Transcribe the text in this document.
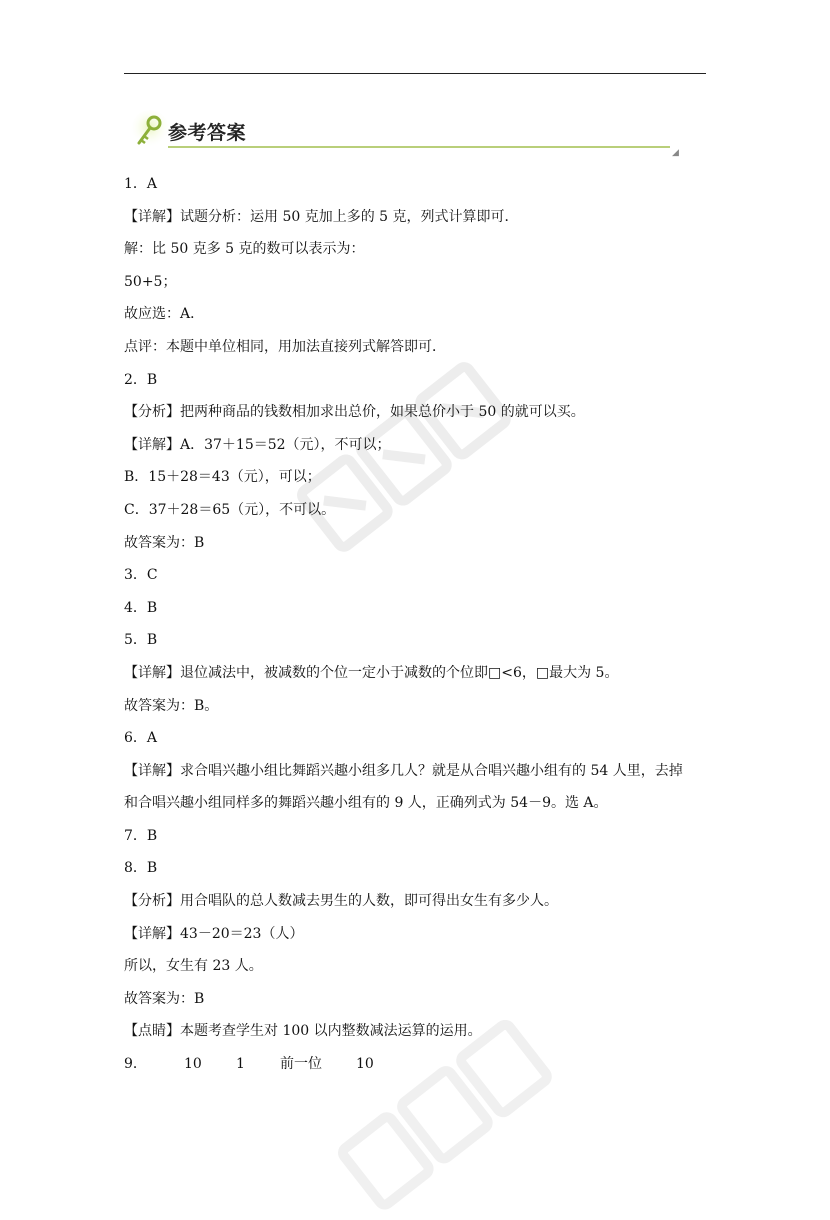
参考答案
◢
1．A
【详解】试题分析：运用 50 克加上多的 5 克，列式计算即可．
解：比 50 克多 5 克的数可以表示为：
50+5；
故应选：A．
点评：本题中单位相同，用加法直接列式解答即可．
2．B
【分析】把两种商品的钱数相加求出总价，如果总价小于 50 的就可以买。
【详解】A．37＋15＝52（元），不可以；
B．15＋28＝43（元），可以；
C．37＋28＝65（元），不可以。
故答案为：B
3．C
4．B
5．B
【详解】退位减法中，被减数的个位一定小于减数的个位即□<6，□最大为 5。
故答案为：B。
6．A
【详解】求合唱兴趣小组比舞蹈兴趣小组多几人？就是从合唱兴趣小组有的 54 人里，去掉
和合唱兴趣小组同样多的舞蹈兴趣小组有的 9 人，正确列式为 54－9。选 A。
7．B
8．B
【分析】用合唱队的总人数减去男生的人数，即可得出女生有多少人。
【详解】43－20＝23（人）
所以，女生有 23 人。
故答案为：B
【点睛】本题考查学生对 100 以内整数减法运算的运用。
9．	10 1	前一位 10
